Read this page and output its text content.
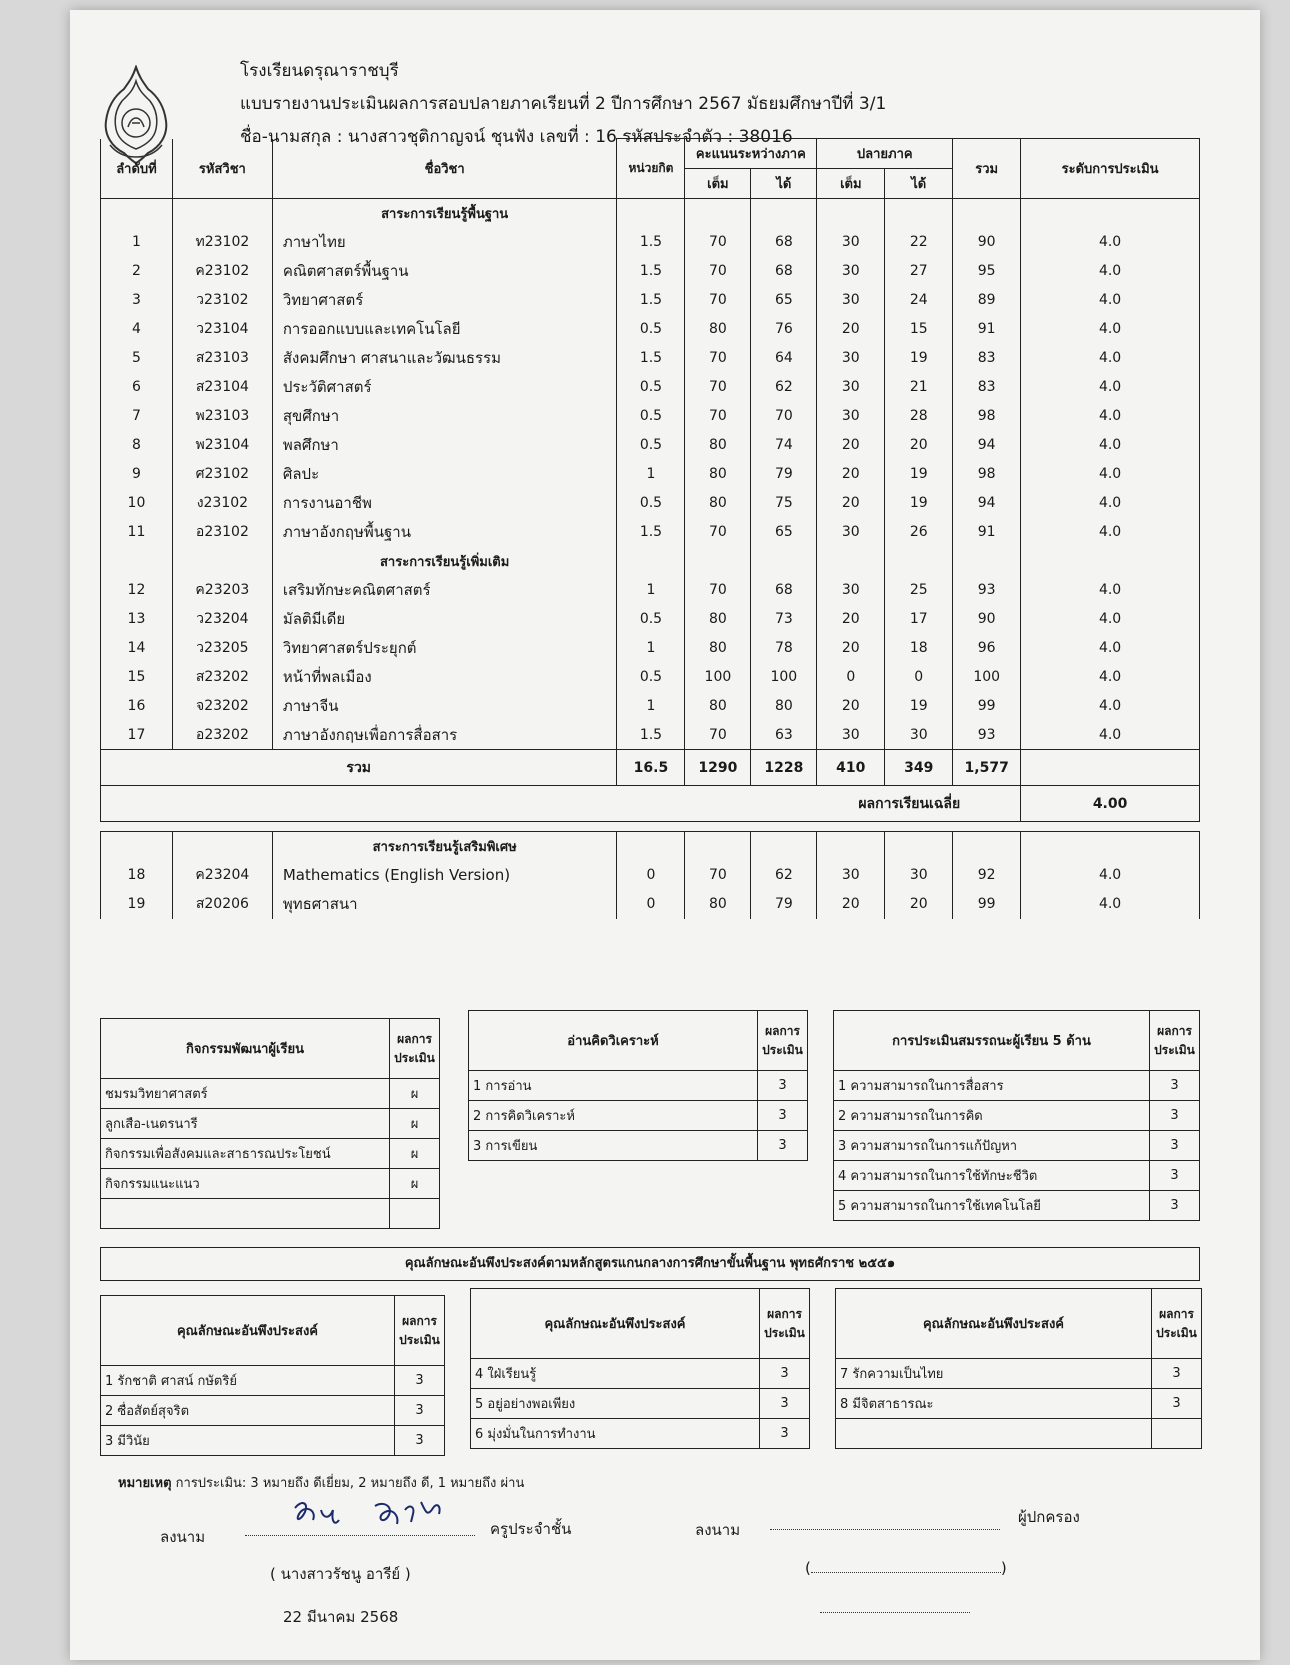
โรงเรียนดรุณาราชบุรี
แบบรายงานประเมินผลการสอบปลายภาคเรียนที่ 2 ปีการศึกษา 2567 มัธยมศึกษาปีที่ 3/1
ชื่อ-นามสกุล : นางสาวชุติกาญจน์ ชุนฟัง เลขที่ : 16 รหัสประจำตัว : 38016
ลำดับที่	รหัสวิชา	ชื่อวิชา	หน่วยกิต	คะแนนระหว่างภาค		ปลายภาค		รวม	ระดับการประเมิน
				เต็ม	ได้	เต็ม	ได้		
		สาระการเรียนรู้พื้นฐาน							
1	ท23102	ภาษาไทย	1.5	70	68	30	22	90	4.0
2	ค23102	คณิตศาสตร์พื้นฐาน	1.5	70	68	30	27	95	4.0
3	ว23102	วิทยาศาสตร์	1.5	70	65	30	24	89	4.0
4	ว23104	การออกแบบและเทคโนโลยี	0.5	80	76	20	15	91	4.0
5	ส23103	สังคมศึกษา ศาสนาและวัฒนธรรม	1.5	70	64	30	19	83	4.0
6	ส23104	ประวัติศาสตร์	0.5	70	62	30	21	83	4.0
7	พ23103	สุขศึกษา	0.5	70	70	30	28	98	4.0
8	พ23104	พลศึกษา	0.5	80	74	20	20	94	4.0
9	ศ23102	ศิลปะ	1	80	79	20	19	98	4.0
10	ง23102	การงานอาชีพ	0.5	80	75	20	19	94	4.0
11	อ23102	ภาษาอังกฤษพื้นฐาน	1.5	70	65	30	26	91	4.0
		สาระการเรียนรู้เพิ่มเติม							
12	ค23203	เสริมทักษะคณิตศาสตร์	1	70	68	30	25	93	4.0
13	ว23204	มัลติมีเดีย	0.5	80	73	20	17	90	4.0
14	ว23205	วิทยาศาสตร์ประยุกต์	1	80	78	20	18	96	4.0
15	ส23202	หน้าที่พลเมือง	0.5	100	100	0	0	100	4.0
16	จ23202	ภาษาจีน	1	80	80	20	19	99	4.0
17	อ23202	ภาษาอังกฤษเพื่อการสื่อสาร	1.5	70	63	30	30	93	4.0
รวม			16.5	1290	1228	410	349	1,577	
ผลการเรียนเฉลี่ย									4.00

		สาระการเรียนรู้เสริมพิเศษ							
18	ค23204	Mathematics (English Version)	0	70	62	30	30	92	4.0
19	ส20206	พุทธศาสนา	0	80	79	20	20	99	4.0
กิจกรรมพัฒนาผู้เรียน	ผลการ
ประเมิน
ชมรมวิทยาศาสตร์	ผ
ลูกเสือ-เนตรนารี	ผ
กิจกรรมเพื่อสังคมและสาธารณประโยชน์	ผ
กิจกรรมแนะแนว	ผ

อ่านคิดวิเคราะห์	ผลการ
ประเมิน
1 การอ่าน	3
2 การคิดวิเคราะห์	3
3 การเขียน	3
การประเมินสมรรถนะผู้เรียน 5 ด้าน	ผลการ
ประเมิน
1 ความสามารถในการสื่อสาร	3
2 ความสามารถในการคิด	3
3 ความสามารถในการแก้ปัญหา	3
4 ความสามารถในการใช้ทักษะชีวิต	3
5 ความสามารถในการใช้เทคโนโลยี	3
คุณลักษณะอันพึงประสงค์ตามหลักสูตรแกนกลางการศึกษาขั้นพื้นฐาน พุทธศักราช ๒๕๕๑
คุณลักษณะอันพึงประสงค์	ผลการ
ประเมิน
1 รักชาติ ศาสน์ กษัตริย์	3
2 ซื่อสัตย์สุจริต	3
3 มีวินัย	3
คุณลักษณะอันพึงประสงค์	ผลการ
ประเมิน
4 ใฝ่เรียนรู้	3
5 อยู่อย่างพอเพียง	3
6 มุ่งมั่นในการทำงาน	3
คุณลักษณะอันพึงประสงค์	ผลการ
ประเมิน
7 รักความเป็นไทย	3
8 มีจิตสาธารณะ	3

หมายเหตุ การประเมิน: 3 หมายถึง ดีเยี่ยม, 2 หมายถึง ดี, 1 หมายถึง ผ่าน
ลงนาม	ครูประจำชั้น
( นางสาวรัชนู อารีย์ )
22 มีนาคม 2568
ลงนาม
ผู้ปกครอง
(	)
